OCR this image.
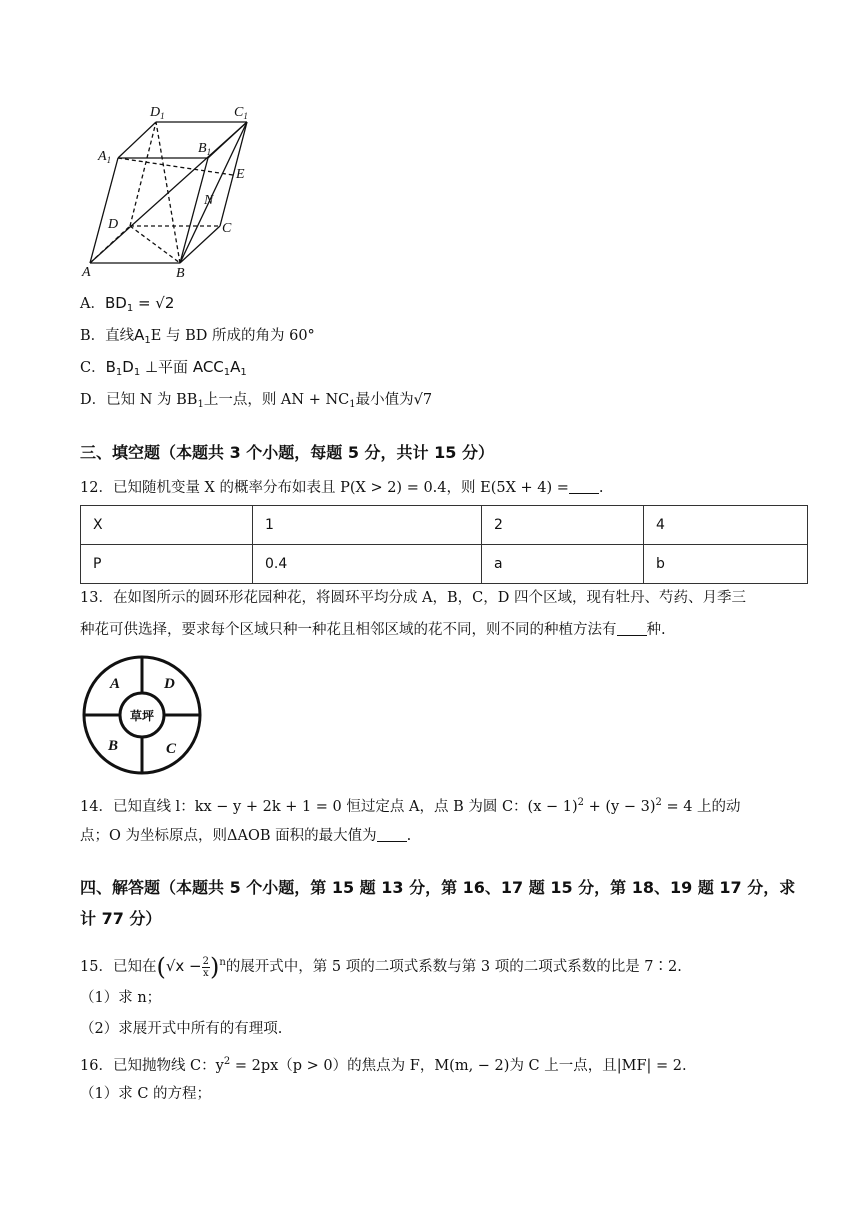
$D_1$	$C_1$
$A_1$
$B_1$
E
N
D	C
A	B
A．$BD_1 = √2$
B．直线$A_1E$ 与 BD 所成的角为 60°
C．$B_1D_1$ ⊥平面 $ACC_1A_1$
D．已知 N 为 $BB_1$上一点，则 AN + $NC_1$最小值为√7
三、填空题（本题共 3 个小题，每题 5 分，共计 15 分）
12．已知随机变量 X 的概率分布如表且 P(X > 2) = 0.4，则 E(5X + 4) = .
X	1	2	4
P	0.4	a	b
13．在如图所示的圆环形花园种花，将圆环平均分成 A，B，C，D 四个区域，现有牡丹、芍药、月季三
种花可供选择，要求每个区域只种一种花且相邻区域的花不同，则不同的种植方法有 种.
草坪
A	D
B	C
14．已知直线 l：kx − y + 2k + 1 = 0 恒过定点 A，点 B 为圆 C：$(x - 1)^2 + (y - 3)^2 = 4$ 上的动
点；O 为坐标原点，则ΔAOB 面积的最大值为 .
四、解答题（本题共 5 个小题，第 15 题 13 分，第 16、17 题 15 分，第 18、19 题 17 分，求
计 77 分）
15．已知在$(√x - \frac{2}{x} )^n$的展开式中，第 5 项的二项式系数与第 3 项的二项式系数的比是 7∶2.
（1）求 n；
（2）求展开式中所有的有理项.
16．已知抛物线 C：$y^2 = 2px(p > 0)$的焦点为 F，M(m, − 2)为 C 上一点，且|MF| = 2.
（1）求 C 的方程；
